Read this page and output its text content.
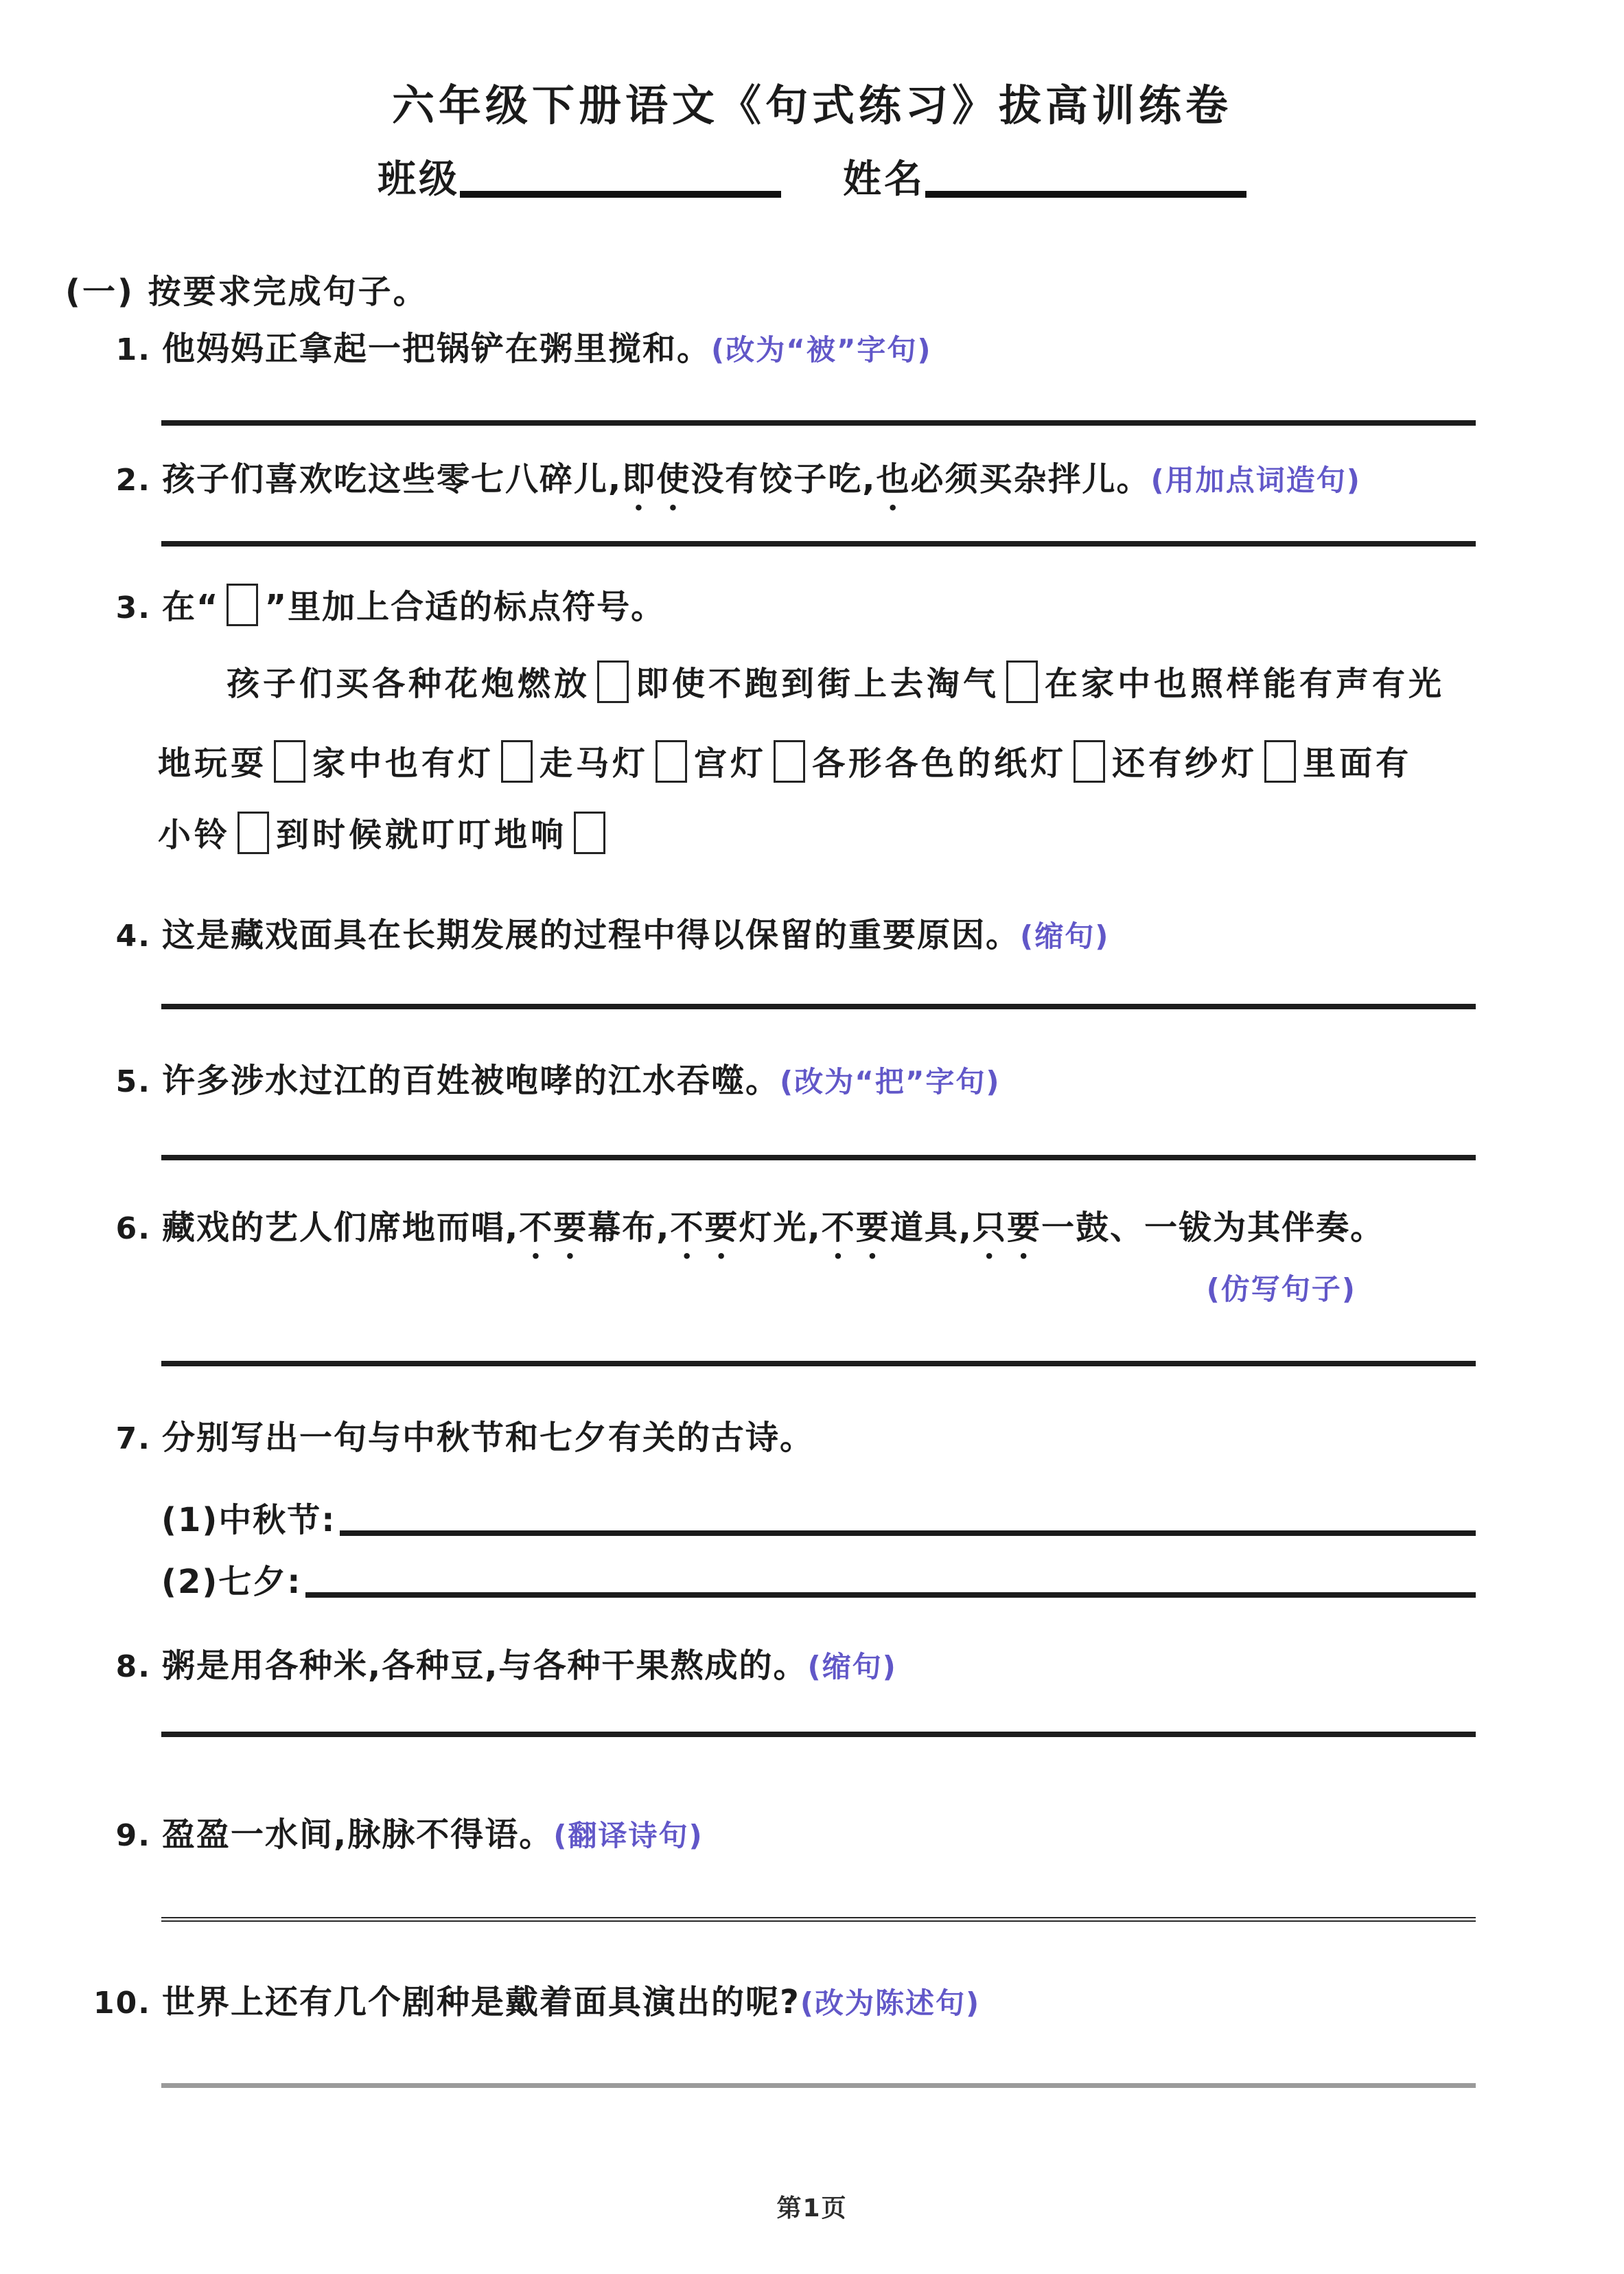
六年级下册语文《句式练习》拔高训练卷
班级	姓名
(一) 按要求完成句子。
1. 他妈妈正拿起一把锅铲在粥里搅和。(改为“被”字句)
2. 孩子们喜欢吃这些零七八碎儿,即使没有饺子吃,也必须买杂拌儿。(用加点词造句)
3. 在“ ”里加上合适的标点符号。
孩子们买各种花炮燃放 即使不跑到街上去淘气 在家中也照样能有声有光
地玩耍 家中也有灯 走马灯 宫灯 各形各色的纸灯 还有纱灯 里面有
小铃 到时候就叮叮地响
4. 这是藏戏面具在长期发展的过程中得以保留的重要原因。(缩句)
5. 许多涉水过江的百姓被咆哮的江水吞噬。(改为“把”字句)
6. 藏戏的艺人们席地而唱,不要幕布,不要灯光,不要道具,只要一鼓、一钹为其伴奏。
(仿写句子)
7. 分别写出一句与中秋节和七夕有关的古诗。
(1)中秋节:
(2)七夕:
8. 粥是用各种米,各种豆,与各种干果熬成的。(缩句)
9. 盈盈一水间,脉脉不得语。(翻译诗句)
10. 世界上还有几个剧种是戴着面具演出的呢?(改为陈述句)
第1页
